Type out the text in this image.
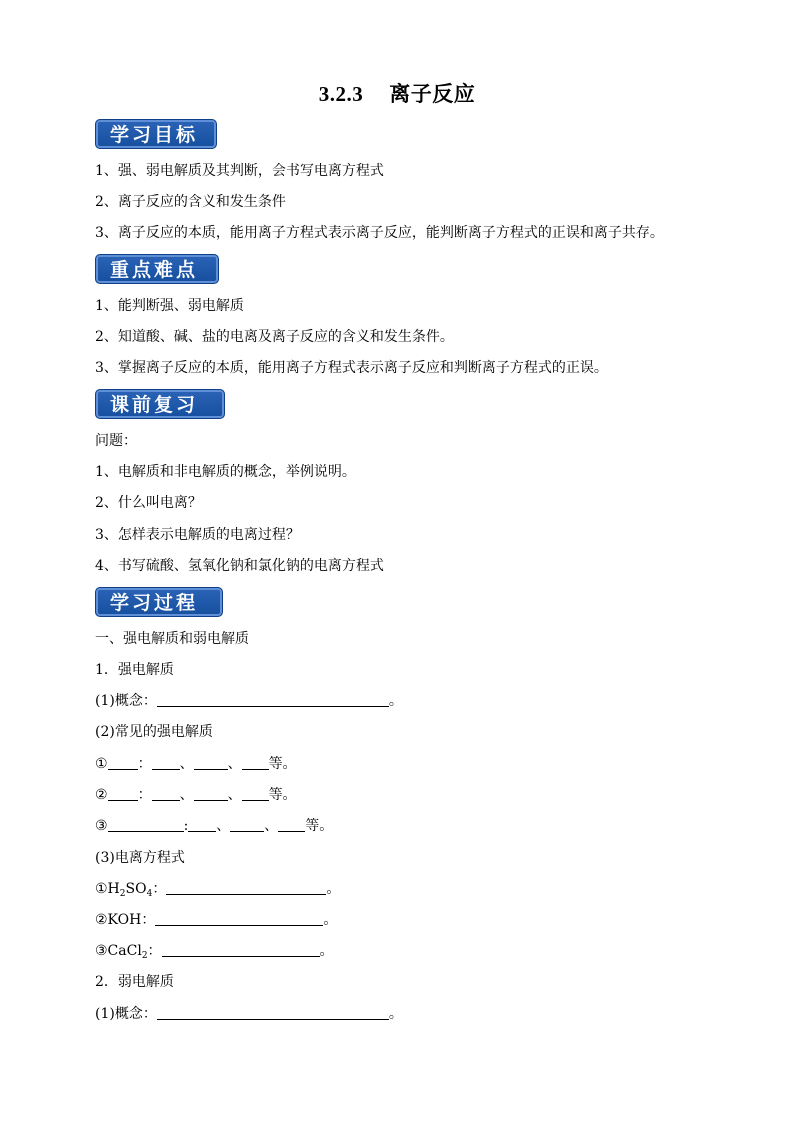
3.2.3 离子反应
学习目标
1、强、弱电解质及其判断，会书写电离方程式
2、离子反应的含义和发生条件
3、离子反应的本质，能用离子方程式表示离子反应，能判断离子方程式的正误和离子共存。
重点难点
1、能判断强、弱电解质
2、知道酸、碱、盐的电离及离子反应的含义和发生条件。
3、掌握离子反应的本质，能用离子方程式表示离子反应和判断离子方程式的正误。
课前复习
问题：
1、电解质和非电解质的概念，举例说明。
2、什么叫电离？
3、怎样表示电解质的电离过程？
4、书写硫酸、氢氧化钠和氯化钠的电离方程式
学习过程
一、强电解质和弱电解质
1．强电解质
(1)概念：	。
(2)常见的强电解质
① ： 、 、 等。
② ： 、 、 等。
③	: 、 、 等。
(3)电离方程式
$①H_2SO_4$：	。
②KOH：	。
③CaCl$_2$：	。
2．弱电解质
(1)概念：	。
